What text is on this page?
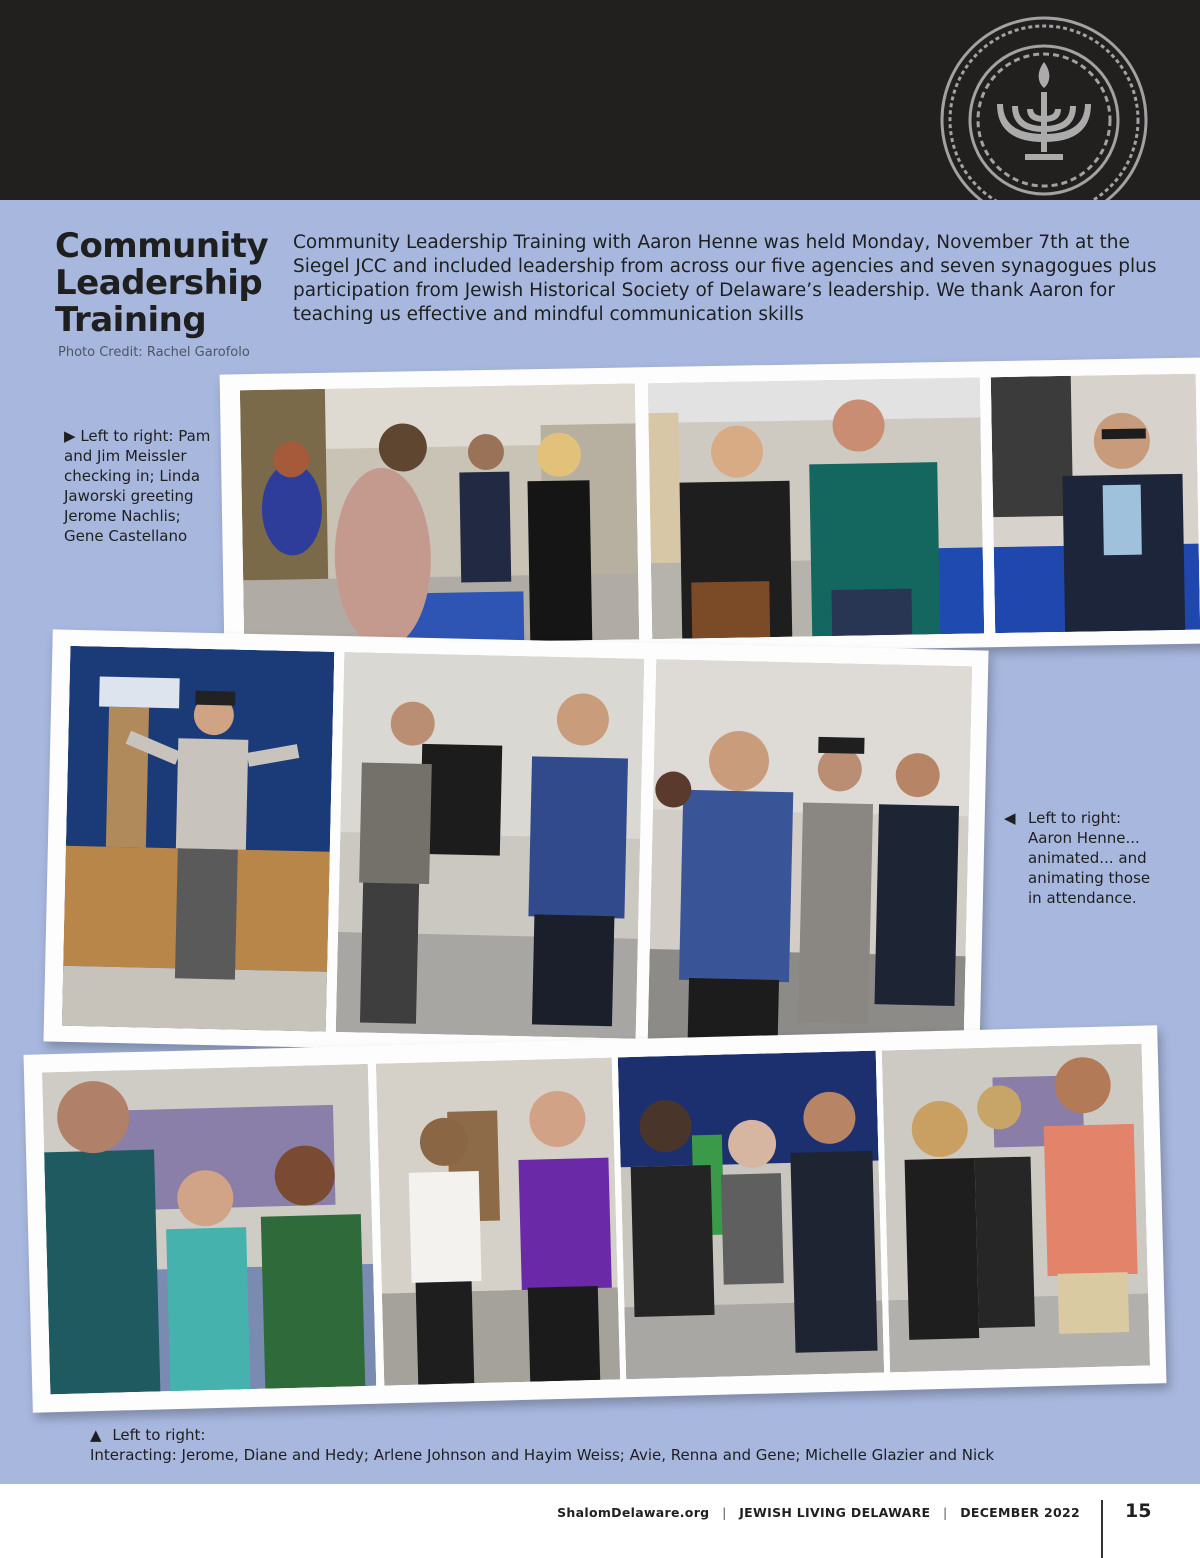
Community
Leadership
Training
Photo Credit: Rachel Garofolo
Community Leadership Training with Aaron Henne was held Monday, November 7th at the Siegel JCC and included leadership from across our five agencies and seven synagogues plus participation from Jewish Historical Society of Delaware’s leadership. We thank Aaron for teaching us effective and mindful communication skills
▶ Left to right: Pam and Jim Meissler checking in; Linda Jaworski greeting Jerome Nachlis; Gene Castellano
◀ Left to right: Aaron Henne... animated... and animating those in attendance.
▲ Left to right:
Interacting: Jerome, Diane and Hedy; Arlene Johnson and Hayim Weiss; Avie, Renna and Gene; Michelle Glazier and Nick
ShalomDelaware.org | JEWISH LIVING DELAWARE | DECEMBER 2022 15
